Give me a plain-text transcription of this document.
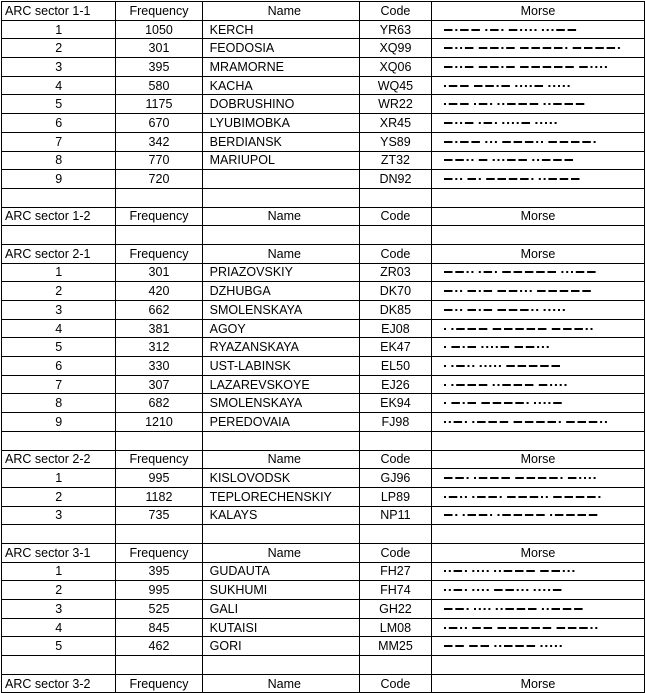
ARC sector 1-1	Frequency	Name	Code	Morse
1	1050	KERCH	YR63	

2	301	FEODOSIA	XQ99	

3	395	MRAMORNE	XQ06	

4	580	KACHA	WQ45	

5	1175	DOBRUSHINO	WR22	

6	670	LYUBIMOBKA	XR45	

7	342	BERDIANSK	YS89	

8	770	MARIUPOL	ZT32	

9	720		DN92	

ARC sector 1-2	Frequency	Name	Code	Morse

ARC sector 2-1	Frequency	Name	Code	Morse
1	301	PRIAZOVSKIY	ZR03	

2	420	DZHUBGA	DK70	

3	662	SMOLENSKAYA	DK85	

4	381	AGOY	EJ08	

5	312	RYAZANSKAYA	EK47	

6	330	UST-LABINSK	EL50	

7	307	LAZAREVSKOYE	EJ26	

8	682	SMOLENSKAYA	EK94	

9	1210	PEREDOVAIA	FJ98	

ARC sector 2-2	Frequency	Name	Code	Morse
1	995	KISLOVODSK	GJ96	

2	1182	TEPLORECHENSKIY	LP89	

3	735	KALAYS	NP11	

ARC sector 3-1	Frequency	Name	Code	Morse
1	395	GUDAUTA	FH27	

2	995	SUKHUMI	FH74	

3	525	GALI	GH22	

4	845	KUTAISI	LM08	

5	462	GORI	MM25	

ARC sector 3-2	Frequency	Name	Code	Morse
